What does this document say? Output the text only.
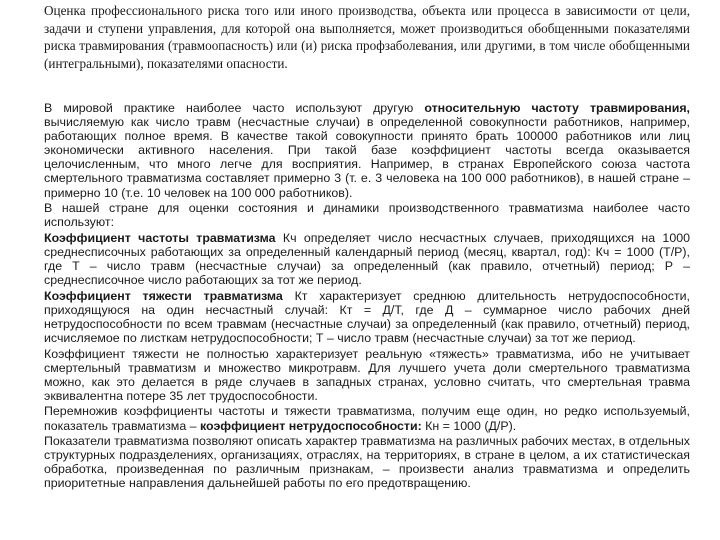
Оценка профессионального риска того или иного производства, объекта или процесса в зависимости от цели, задачи и ступени управления, для которой она выполняется, может производиться обобщенными показателями риска травмирования (травмоопасность) или (и) риска профзаболевания, или другими, в том числе обобщенными (интегральными), показателями опасности.

В мировой практике наиболее часто используют другую относительную частоту травмирования, вычисляемую как число травм (несчастные случаи) в определенной совокупности работников, например, работающих полное время. В качестве такой совокупности принято брать 100000 работников или лиц экономически активного населения. При такой базе коэффициент частоты всегда оказывается целочисленным, что много легче для восприятия. Например, в странах Европейского союза частота смертельного травматизма составляет примерно 3 (т. е. 3 человека на 100 000 работников), в нашей стране – примерно 10 (т.е. 10 человек на 100 000 работников).

В нашей стране для оценки состояния и динамики производственного травматизма наиболее часто используют:

Коэффициент частоты травматизма Кч определяет число несчастных случаев, приходящихся на 1000 среднесписочных работающих за определенный календарный период (месяц, квартал, год): Кч = 1000 (Т/Р), где Т – число травм (несчастные случаи) за определенный (как правило, отчетный) период; Р – среднесписочное число работающих за тот же период.

Коэффициент тяжести травматизма Кт характеризует среднюю длительность нетрудоспособности, приходящуюся на один несчастный случай: Кт = Д/Т, где Д – суммарное число рабочих дней нетрудоспособности по всем травмам (несчастные случаи) за определенный (как правило, отчетный) период, исчисляемое по листкам нетрудоспособности; Т – число травм (несчастные случаи) за тот же период.

Коэффициент тяжести не полностью характеризует реальную «тяжесть» травматизма, ибо не учитывает смертельный травматизм и множество микротравм. Для лучшего учета доли смертельного травматизма можно, как это делается в ряде случаев в западных странах, условно считать, что смертельная травма эквивалентна потере 35 лет трудоспособности.

Перемножив коэффициенты частоты и тяжести травматизма, получим еще один, но редко используемый, показатель травматизма – коэффициент нетрудоспособности: Кн = 1000 (Д/Р).

Показатели травматизма позволяют описать характер травматизма на различных рабочих местах, в отдельных структурных подразделениях, организациях, отраслях, на территориях, в стране в целом, а их статистическая обработка, произведенная по различным признакам, – произвести анализ травматизма и определить приоритетные направления дальнейшей работы по его предотвращению.
